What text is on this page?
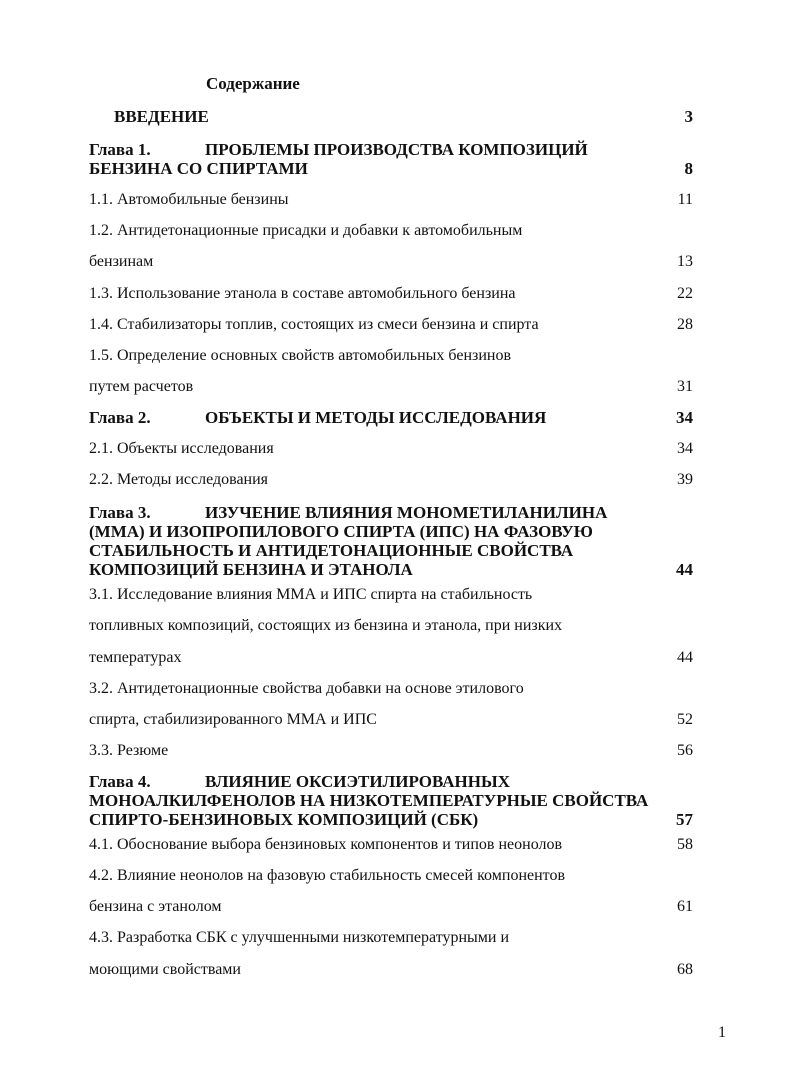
Содержание
ВВЕДЕНИЕ	3
Глава 1.	ПРОБЛЕМЫ ПРОИЗВОДСТВА КОМПОЗИЦИЙ БЕНЗИНА СО СПИРТАМИ	8
1.1. Автомобильные бензины	11
1.2. Антидетонационные присадки и добавки к автомобильным
бензинам	13
1.3. Использование этанола в составе автомобильного бензина	22
1.4. Стабилизаторы топлив, состоящих из смеси бензина и спирта	28
1.5. Определение основных свойств автомобильных бензинов
путем расчетов	31
Глава 2.	ОБЪЕКТЫ И МЕТОДЫ ИССЛЕДОВАНИЯ	34
2.1. Объекты исследования	34
2.2. Методы исследования	39
Глава 3.	ИЗУЧЕНИЕ ВЛИЯНИЯ МОНОМЕТИЛАНИЛИНА (ММА) И ИЗОПРОПИЛОВОГО СПИРТА (ИПС) НА ФАЗОВУЮ СТАБИЛЬНОСТЬ И АНТИДЕТОНАЦИОННЫЕ СВОЙСТВА КОМПОЗИЦИЙ БЕНЗИНА И ЭТАНОЛА	44
3.1. Исследование влияния ММА и ИПС спирта на стабильность
топливных композиций, состоящих из бензина и этанола, при низких
температурах	44
3.2. Антидетонационные свойства добавки на основе этилового
спирта, стабилизированного ММА и ИПС	52
3.3. Резюме	56
Глава 4.	ВЛИЯНИЕ ОКСИЭТИЛИРОВАННЫХ МОНОАЛКИЛФЕНОЛОВ НА НИЗКОТЕМПЕРАТУРНЫЕ СВОЙСТВА СПИРТО-БЕНЗИНОВЫХ КОМПОЗИЦИЙ (СБК)	57
4.1. Обоснование выбора бензиновых компонентов и типов неонолов	58
4.2. Влияние неонолов на фазовую стабильность смесей компонентов
бензина с этанолом	61
4.3. Разработка СБК с улучшенными низкотемпературными и
моющими свойствами	68
1
